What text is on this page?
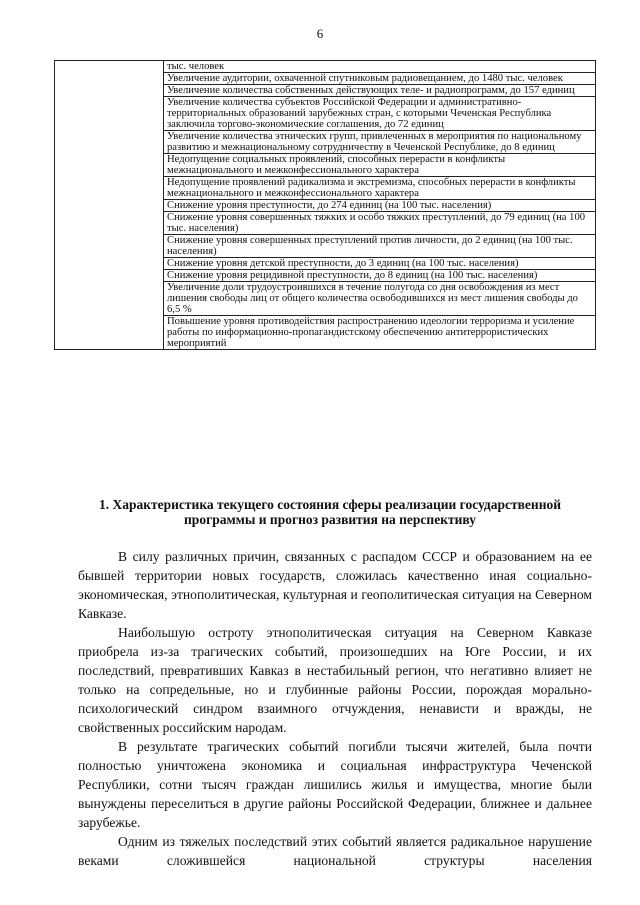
6

тыс. человек

Увеличение аудитории, охваченной спутниковым радиовещанием, до 1480 тыс. человек

Увеличение количества собственных действующих теле- и радиопрограмм, до 157 единиц

Увеличение количества субъектов Российской Федерации и административно-территориальных образований зарубежных стран, с которыми Чеченская Республика заключила торгово-экономические соглашения, до 72 единиц

Увеличение количества этнических групп, привлеченных в мероприятия по национальному развитию и межнациональному сотрудничеству в Чеченской Республике, до 8 единиц

Недопущение социальных проявлений, способных перерасти в конфликты межнационального и межконфессионального характера

Недопущение проявлений радикализма и экстремизма, способных перерасти в конфликты межнационального и межконфессионального характера

Снижение уровня преступности, до 274 единиц (на 100 тыс. населения)

Снижение уровня совершенных тяжких и особо тяжких преступлений, до 79 единиц (на 100 тыс. населения)

Снижение уровня совершенных преступлений против личности, до 2 единиц (на 100 тыс. населения)

Снижение уровня детской преступности, до 3 единиц (на 100 тыс. населения)

Снижение уровня рецидивной преступности, до 8 единиц (на 100 тыс. населения)

Увеличение доли трудоустроившихся в течение полугода со дня освобождения из мест лишения свободы лиц от общего количества освободившихся из мест лишения свободы до 6,5 %

Повышение уровня противодействия распространению идеологии терроризма и усиление работы по информационно-пропагандистскому обеспечению антитеррористических мероприятий

1. Характеристика текущего состояния сферы реализации государственной программы и прогноз развития на перспективу

В силу различных причин, связанных с распадом СССР и образованием на ее бывшей территории новых государств, сложилась качественно иная социально-экономическая, этнополитическая, культурная и геополитическая ситуация на Северном Кавказе.

Наибольшую остроту этнополитическая ситуация на Северном Кавказе приобрела из-за трагических событий, произошедших на Юге России, и их последствий, превративших Кавказ в нестабильный регион, что негативно влияет не только на сопредельные, но и глубинные районы России, порождая морально-психологический синдром взаимного отчуждения, ненависти и вражды, не свойственных российским народам.

В результате трагических событий погибли тысячи жителей, была почти полностью уничтожена экономика и социальная инфраструктура Чеченской Республики, сотни тысяч граждан лишились жилья и имущества, многие были вынуждены переселиться в другие районы Российской Федерации, ближнее и дальнее зарубежье.

Одним из тяжелых последствий этих событий является радикальное нарушение веками сложившейся национальной структуры населения
